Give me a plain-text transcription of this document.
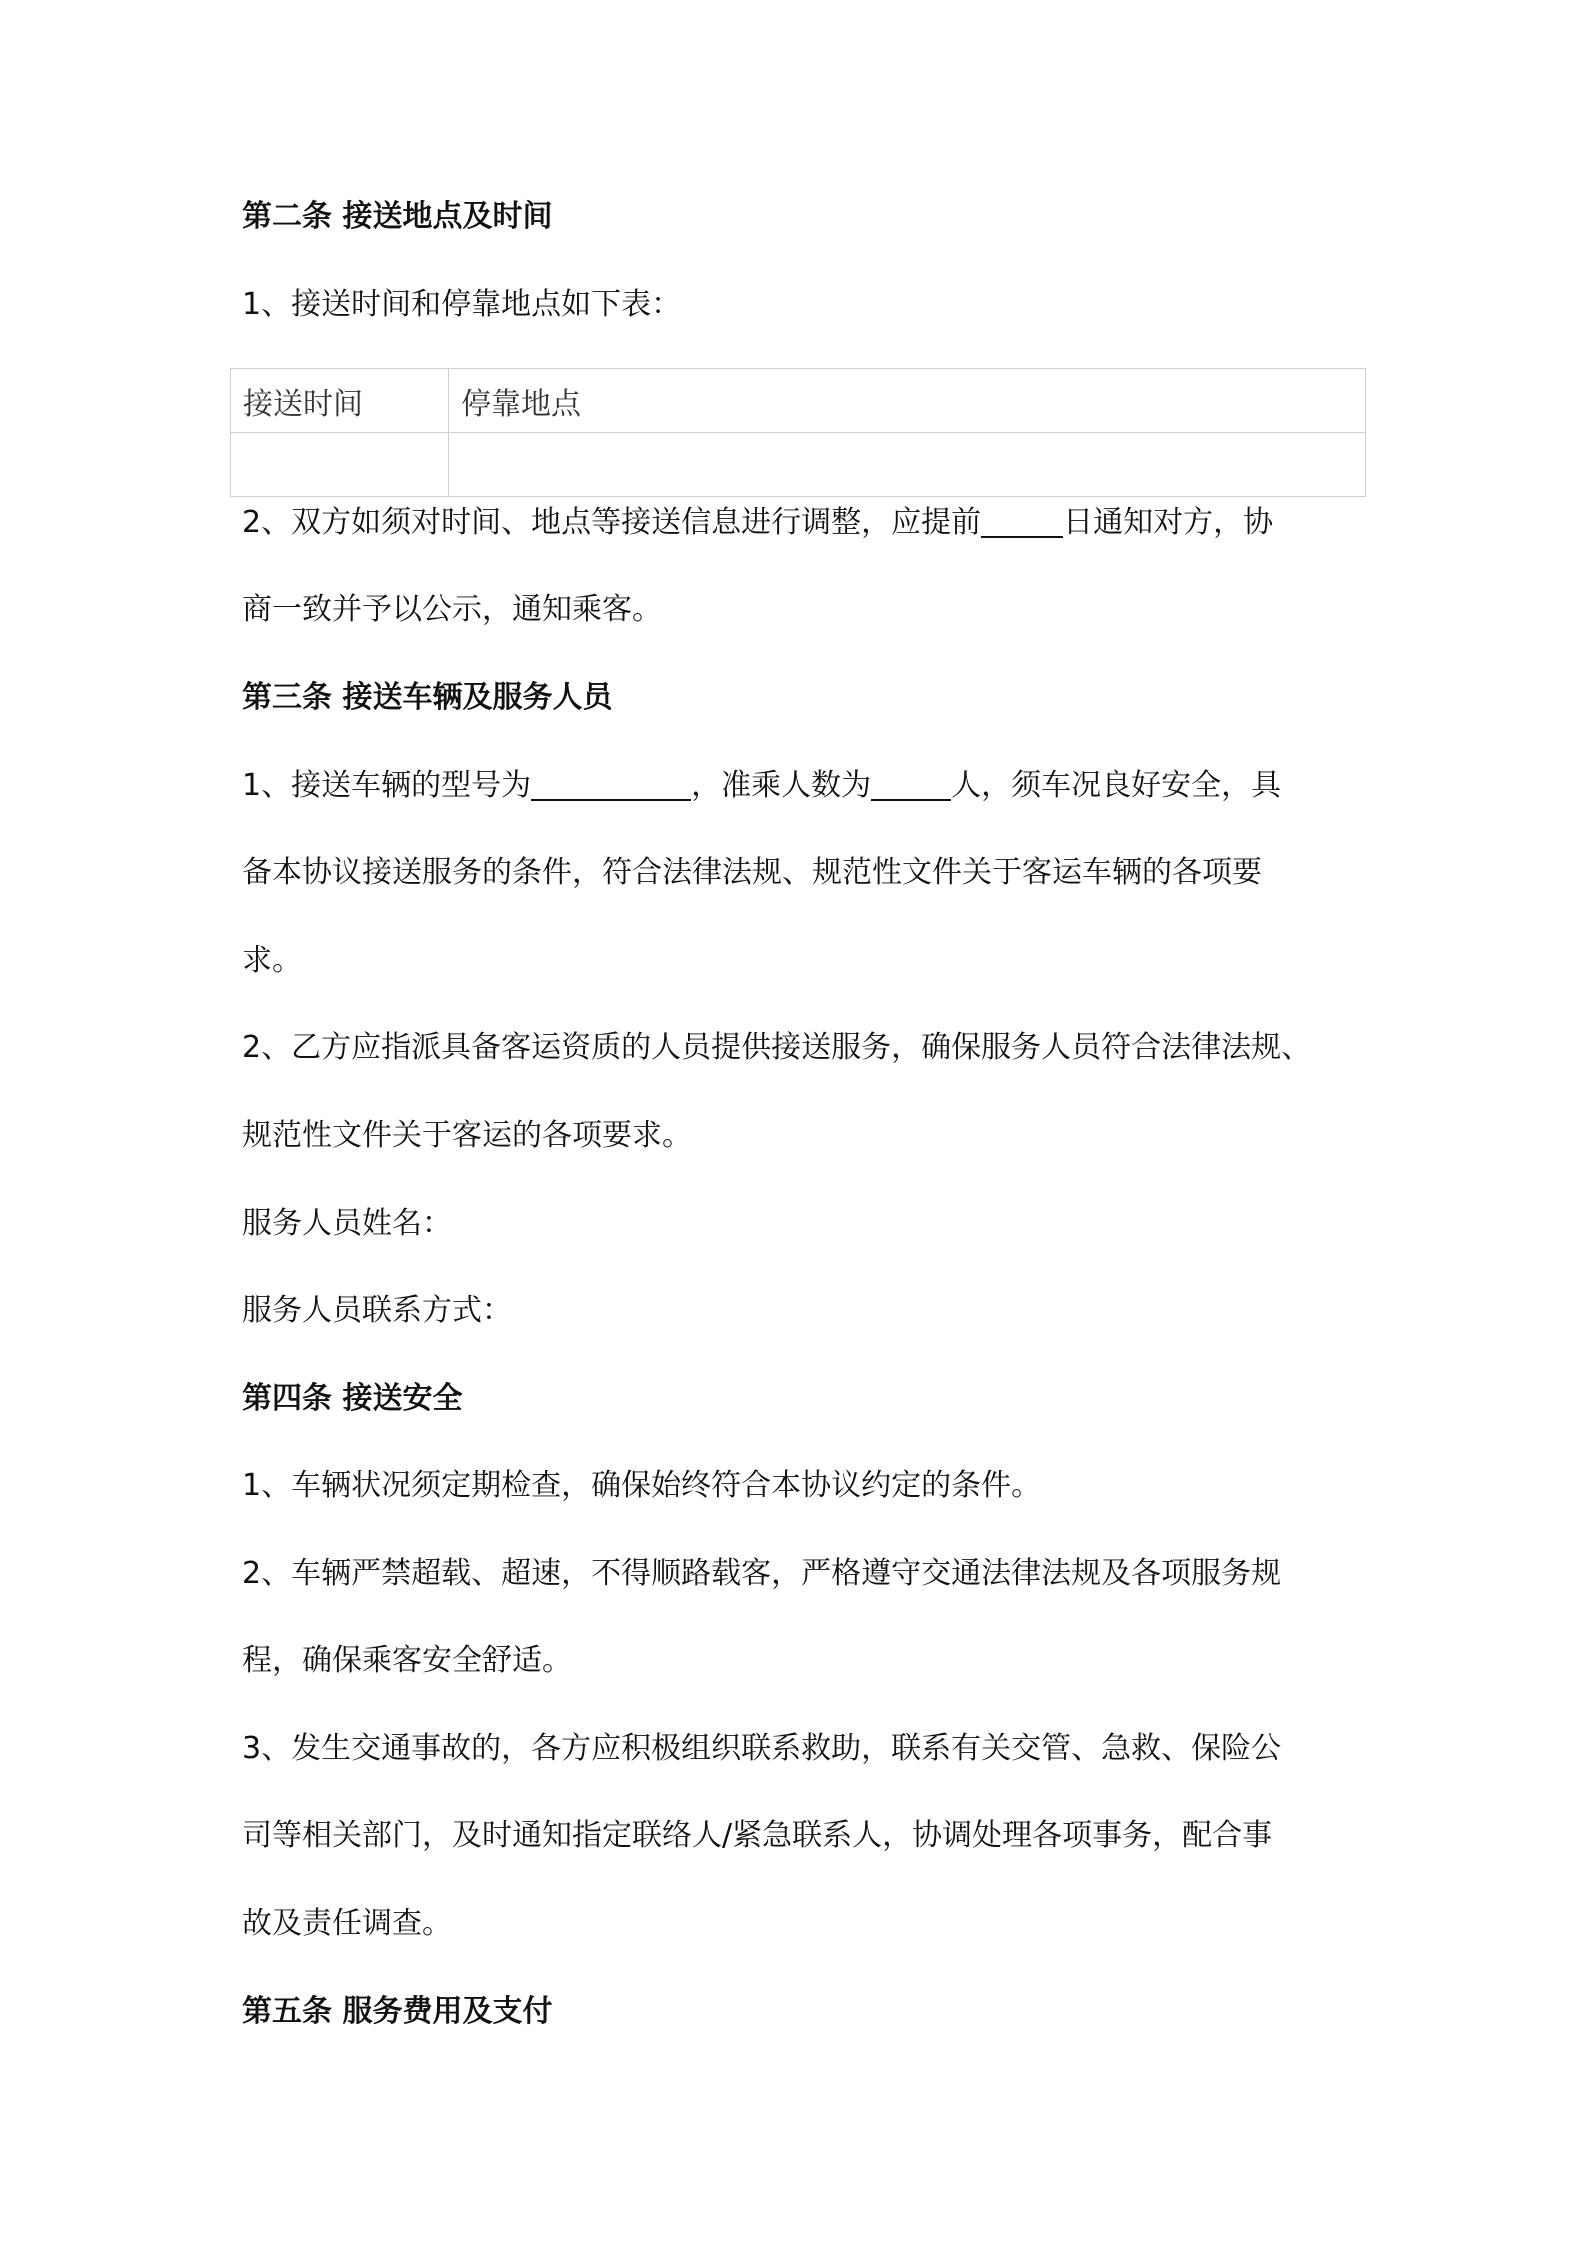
第二条 接送地点及时间

1、接送时间和停靠地点如下表：

接送时间	停靠地点

2、双方如须对时间、地点等接送信息进行调整，应提前	日通知对方，协

商一致并予以公示，通知乘客。

第三条 接送车辆及服务人员

1、接送车辆的型号为	，准乘人数为	人，须车况良好安全，具

备本协议接送服务的条件，符合法律法规、规范性文件关于客运车辆的各项要

求。

2、乙方应指派具备客运资质的人员提供接送服务，确保服务人员符合法律法规、

规范性文件关于客运的各项要求。

服务人员姓名：

服务人员联系方式：

第四条 接送安全

1、车辆状况须定期检查，确保始终符合本协议约定的条件。

2、车辆严禁超载、超速，不得顺路载客，严格遵守交通法律法规及各项服务规

程，确保乘客安全舒适。

3、发生交通事故的，各方应积极组织联系救助，联系有关交管、急救、保险公

司等相关部门，及时通知指定联络人/紧急联系人，协调处理各项事务，配合事

故及责任调查。

第五条 服务费用及支付
